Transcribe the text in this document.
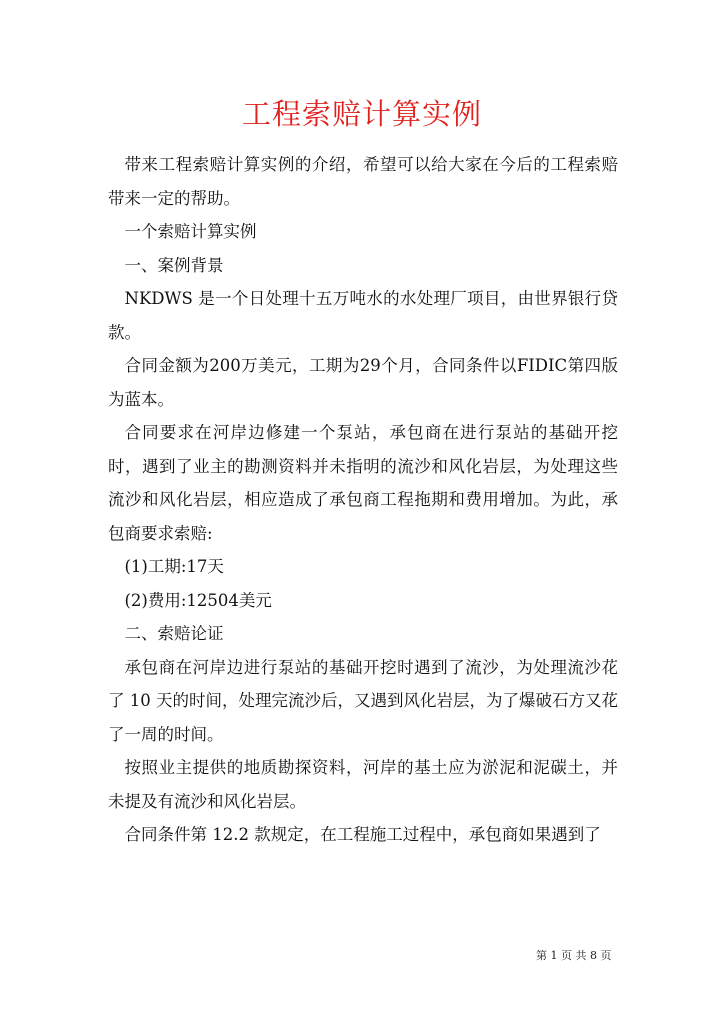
工程索赔计算实例

带来工程索赔计算实例的介绍，希望可以给大家在今后的工程索赔带来一定的帮助。

一个索赔计算实例

一、案例背景

NKDWS 是一个日处理十五万吨水的水处理厂项目，由世界银行贷款。

合同金额为200万美元，工期为29个月，合同条件以FIDIC第四版为蓝本。

合同要求在河岸边修建一个泵站，承包商在进行泵站的基础开挖时，遇到了业主的勘测资料并未指明的流沙和风化岩层，为处理这些流沙和风化岩层，相应造成了承包商工程拖期和费用增加。为此，承包商要求索赔:

(1)工期:17天

(2)费用:12504美元

二、索赔论证

承包商在河岸边进行泵站的基础开挖时遇到了流沙，为处理流沙花了 10 天的时间，处理完流沙后，又遇到风化岩层，为了爆破石方又花了一周的时间。

按照业主提供的地质勘探资料，河岸的基土应为淤泥和泥碳土，并未提及有流沙和风化岩层。

合同条件第 12.2 款规定，在工程施工过程中，承包商如果遇到了

第 1 页 共 8 页
